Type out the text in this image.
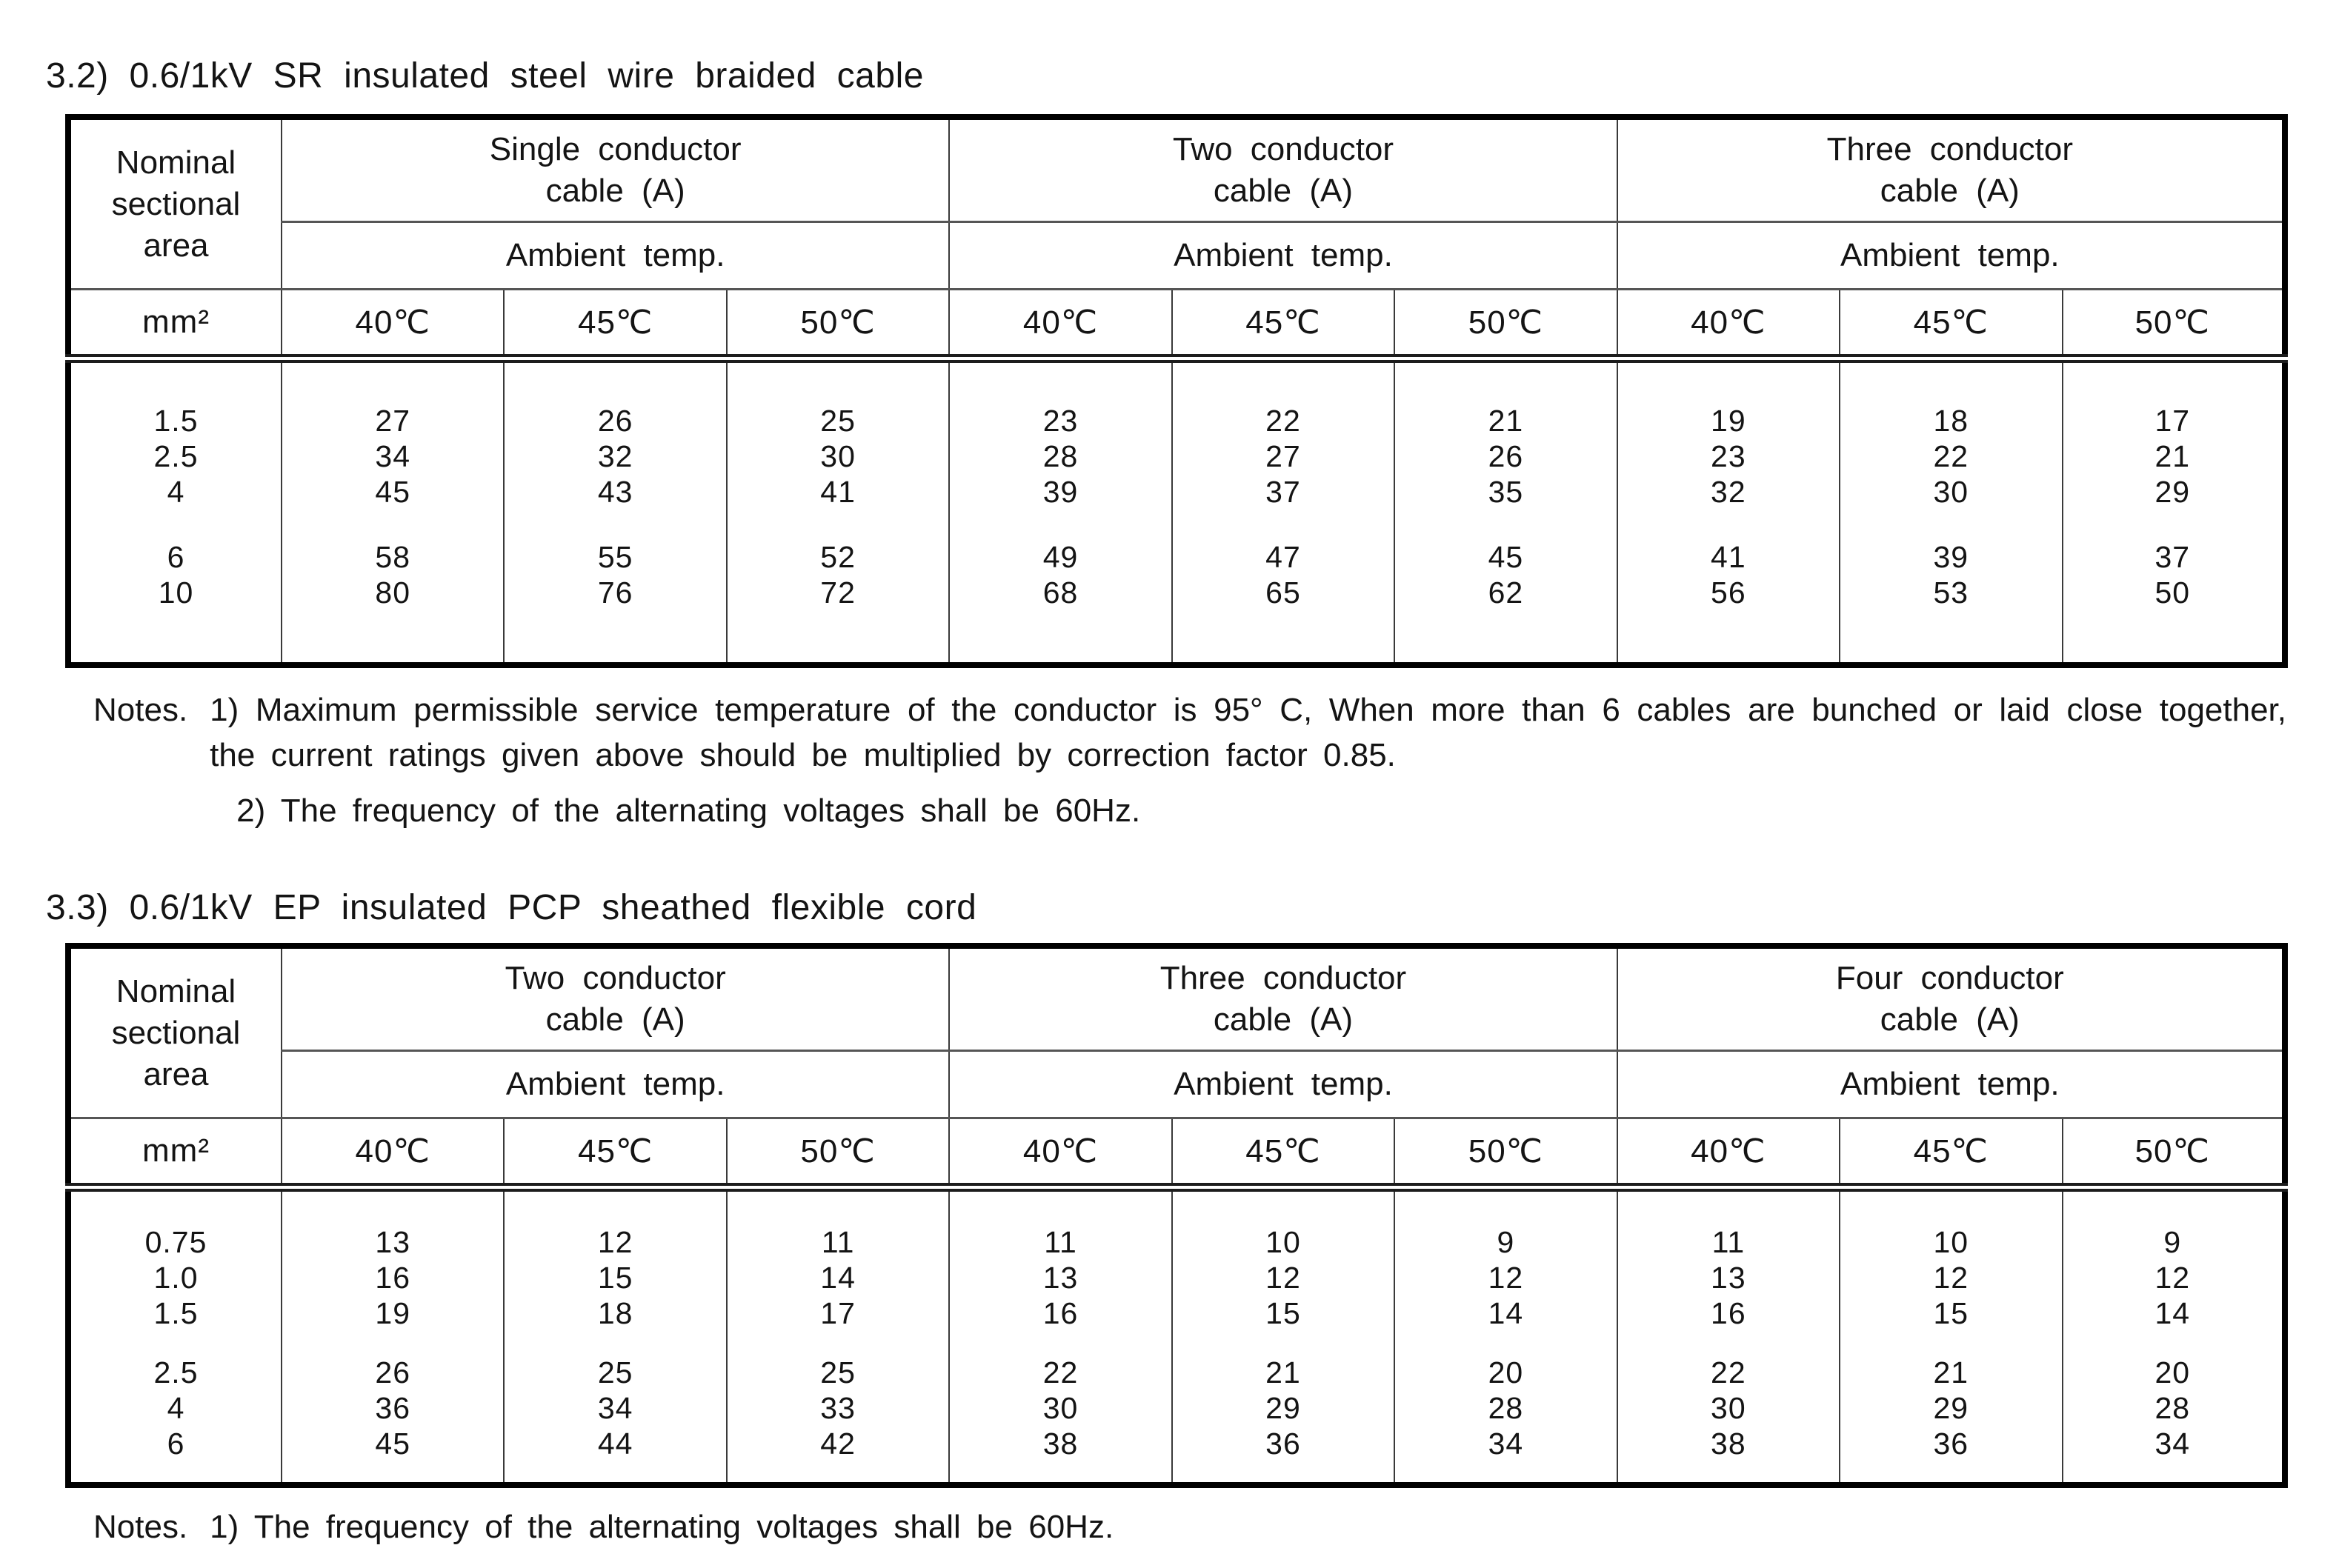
3.2) 0.6/1kV SR insulated steel wire braided cable
Nominal
sectional
area	Single conductor
cable (A)			Two conductor
cable (A)			Three conductor
cable (A)		
	Ambient temp.			Ambient temp.			Ambient temp.		
mm²	40℃	45℃	50℃	40℃	45℃	50℃	40℃	45℃	50℃
1.5	27	26	25	23	22	21	19	18	17
2.5	34	32	30	28	27	26	23	22	21
4	45	43	41	39	37	35	32	30	29
6	58	55	52	49	47	45	41	39	37
10	80	76	72	68	65	62	56	53	50
Notes. 1) Maximum permissible service temperature of the conductor is 95° C, When more than 6 cables are bunched or laid close together, the current ratings given above should be multiplied by correction factor 0.85.

2) The frequency of the alternating voltages shall be 60Hz.

3.3) 0.6/1kV EP insulated PCP sheathed flexible cord
Nominal
sectional
area	Two conductor
cable (A)			Three conductor
cable (A)			Four conductor
cable (A)		
	Ambient temp.			Ambient temp.			Ambient temp.		
mm²	40℃	45℃	50℃	40℃	45℃	50℃	40℃	45℃	50℃
0.75	13	12	11	11	10	9	11	10	9
1.0	16	15	14	13	12	12	13	12	12
1.5	19	18	17	16	15	14	16	15	14
2.5	26	25	25	22	21	20	22	21	20
4	36	34	33	30	29	28	30	29	28
6	45	44	42	38	36	34	38	36	34
Notes. 1) The frequency of the alternating voltages shall be 60Hz.
